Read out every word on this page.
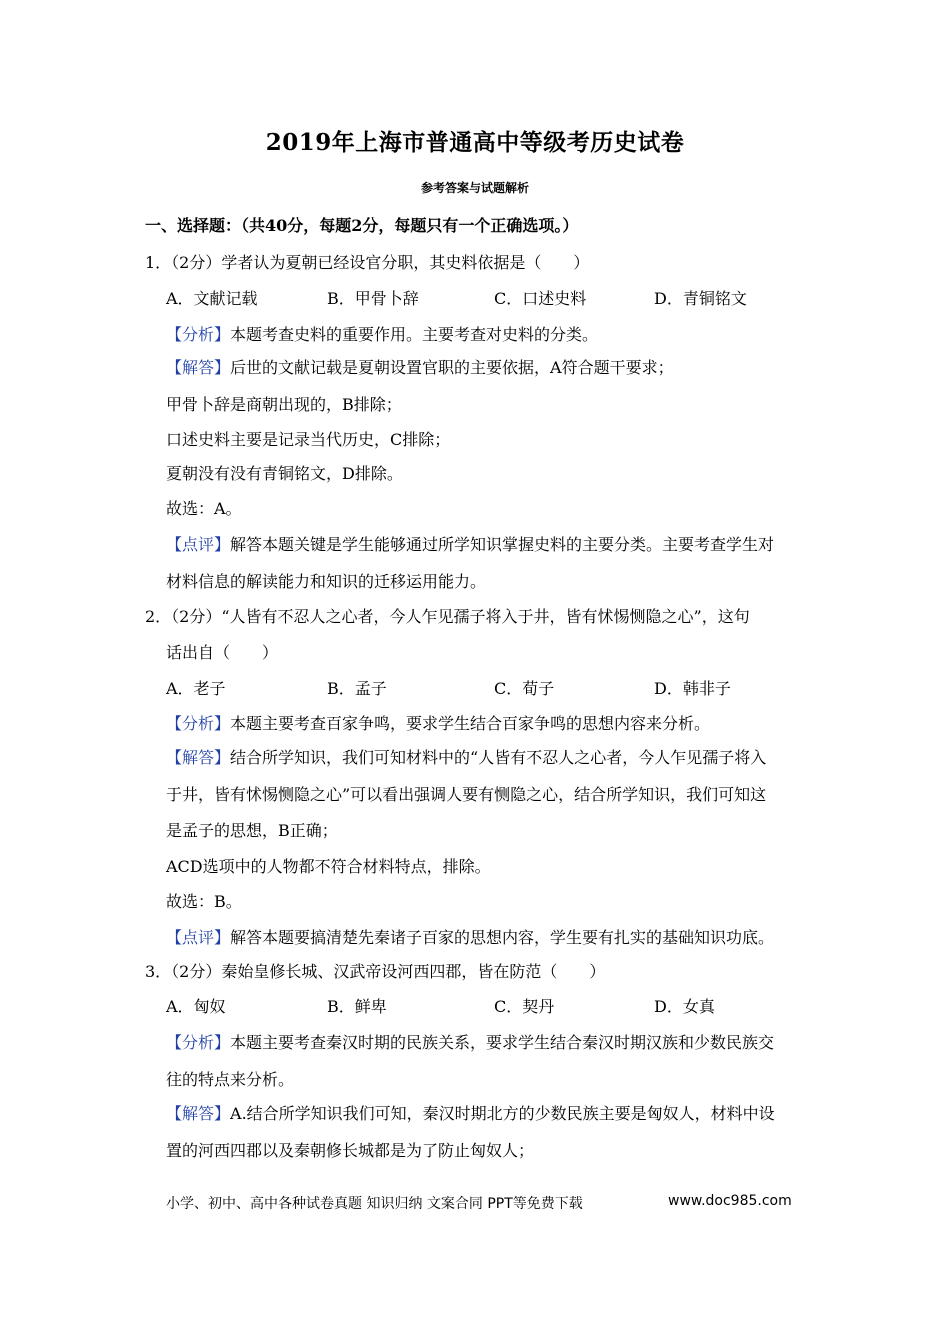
2019年上海市普通高中等级考历史试卷
参考答案与试题解析
一、选择题：（共40分，每题2分，每题只有一个正确选项。）
1．（2分）学者认为夏朝已经设官分职，其史料依据是（　　）
A．文献记载	B．甲骨卜辞	C．口述史料	D．青铜铭文
【分析】本题考查史料的重要作用。主要考查对史料的分类。
【解答】后世的文献记载是夏朝设置官职的主要依据，A符合题干要求；
甲骨卜辞是商朝出现的，B排除；
口述史料主要是记录当代历史，C排除；
夏朝没有没有青铜铭文，D排除。
故选：A。
【点评】解答本题关键是学生能够通过所学知识掌握史料的主要分类。主要考查学生对
材料信息的解读能力和知识的迁移运用能力。
2．（2分）“人皆有不忍人之心者，今人乍见孺子将入于井，皆有怵惕恻隐之心”，这句
话出自（　　）
A．老子	B．孟子	C．荀子	D．韩非子
【分析】本题主要考查百家争鸣，要求学生结合百家争鸣的思想内容来分析。
【解答】结合所学知识，我们可知材料中的“人皆有不忍人之心者，今人乍见孺子将入
于井，皆有怵惕恻隐之心”可以看出强调人要有恻隐之心，结合所学知识，我们可知这
是孟子的思想，B正确；
ACD选项中的人物都不符合材料特点，排除。
故选：B。
【点评】解答本题要搞清楚先秦诸子百家的思想内容，学生要有扎实的基础知识功底。
3．（2分）秦始皇修长城、汉武帝设河西四郡，皆在防范（　　）
A．匈奴	B．鲜卑	C．契丹	D．女真
【分析】本题主要考查秦汉时期的民族关系，要求学生结合秦汉时期汉族和少数民族交
往的特点来分析。
【解答】A.结合所学知识我们可知，秦汉时期北方的少数民族主要是匈奴人，材料中设
置的河西四郡以及秦朝修长城都是为了防止匈奴人；
小学、初中、高中各种试卷真题 知识归纳 文案合同 PPT等免费下载	www.doc985.com
